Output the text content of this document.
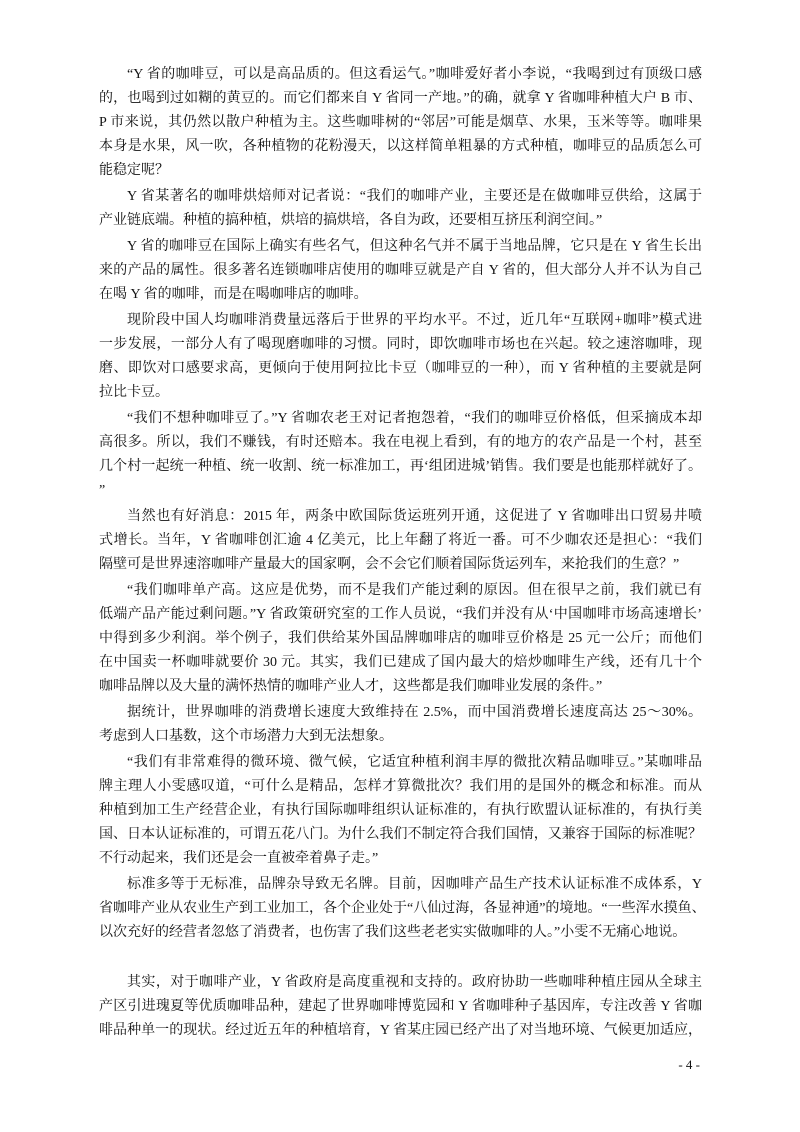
“Y 省的咖啡豆，可以是高品质的。但这看运气。”咖啡爱好者小李说，“我喝到过有顶级口感
的，也喝到过如糊的黄豆的。而它们都来自 Y 省同一产地。”的确，就拿 Y 省咖啡种植大户 B 市、
P 市来说，其仍然以散户种植为主。这些咖啡树的“邻居”可能是烟草、水果，玉米等等。咖啡果
本身是水果，风一吹，各种植物的花粉漫天，以这样简单粗暴的方式种植，咖啡豆的品质怎么可
能稳定呢？
Y 省某著名的咖啡烘焙师对记者说：“我们的咖啡产业，主要还是在做咖啡豆供给，这属于
产业链底端。种植的搞种植，烘培的搞烘培，各自为政，还要相互挤压利润空间。”
Y 省的咖啡豆在国际上确实有些名气，但这种名气并不属于当地品牌，它只是在 Y 省生长出
来的产品的属性。很多著名连锁咖啡店使用的咖啡豆就是产自 Y 省的，但大部分人并不认为自己
在喝 Y 省的咖啡，而是在喝咖啡店的咖啡。
现阶段中国人均咖啡消费量远落后于世界的平均水平。不过，近几年“互联网+咖啡”模式进
一步发展，一部分人有了喝现磨咖啡的习惯。同时，即饮咖啡市场也在兴起。较之速溶咖啡，现
磨、即饮对口感要求高，更倾向于使用阿拉比卡豆（咖啡豆的一种），而 Y 省种植的主要就是阿
拉比卡豆。
“我们不想种咖啡豆了。”Y 省咖农老王对记者抱怨着，“我们的咖啡豆价格低，但采摘成本却
高很多。所以，我们不赚钱，有时还赔本。我在电视上看到，有的地方的农产品是一个村，甚至
几个村一起统一种植、统一收割、统一标准加工，再‘组团进城’销售。我们要是也能那样就好了。
”
当然也有好消息：2015 年，两条中欧国际货运班列开通，这促进了 Y 省咖啡出口贸易井喷
式增长。当年，Y 省咖啡创汇逾 4 亿美元，比上年翻了将近一番。可不少咖农还是担心：“我们
隔壁可是世界速溶咖啡产量最大的国家啊，会不会它们顺着国际货运列车，来抢我们的生意？”
“我们咖啡单产高。这应是优势，而不是我们产能过剩的原因。但在很早之前，我们就已有
低端产品产能过剩问题。”Y 省政策研究室的工作人员说，“我们并没有从‘中国咖啡市场高速增长’
中得到多少利润。举个例子，我们供给某外国品牌咖啡店的咖啡豆价格是 25 元一公斤；而他们
在中国卖一杯咖啡就要价 30 元。其实，我们已建成了国内最大的焙炒咖啡生产线，还有几十个
咖啡品牌以及大量的满怀热情的咖啡产业人才，这些都是我们咖啡业发展的条件。”
据统计，世界咖啡的消费增长速度大致维持在 2.5%，而中国消费增长速度高达 25～30%。
考虑到人口基数，这个市场潜力大到无法想象。
“我们有非常难得的微环境、微气候，它适宜种植利润丰厚的微批次精品咖啡豆。”某咖啡品
牌主理人小雯感叹道，“可什么是精品，怎样才算微批次？我们用的是国外的概念和标准。而从
种植到加工生产经营企业，有执行国际咖啡组织认证标准的，有执行欧盟认证标准的，有执行美
国、日本认证标准的，可谓五花八门。为什么我们不制定符合我们国情，又兼容于国际的标准呢？
不行动起来，我们还是会一直被牵着鼻子走。”
标准多等于无标准，品牌杂导致无名牌。目前，因咖啡产品生产技术认证标准不成体系，Y
省咖啡产业从农业生产到工业加工，各个企业处于“八仙过海，各显神通”的境地。“一些浑水摸鱼、
以次充好的经营者忽悠了消费者，也伤害了我们这些老老实实做咖啡的人。”小雯不无痛心地说。
其实，对于咖啡产业，Y 省政府是高度重视和支持的。政府协助一些咖啡种植庄园从全球主
产区引进瑰夏等优质咖啡品种，建起了世界咖啡博览园和 Y 省咖啡种子基因库，专注改善 Y 省咖
啡品种单一的现状。经过近五年的种植培育，Y 省某庄园已经产出了对当地环境、气候更加适应，
- 4 -
